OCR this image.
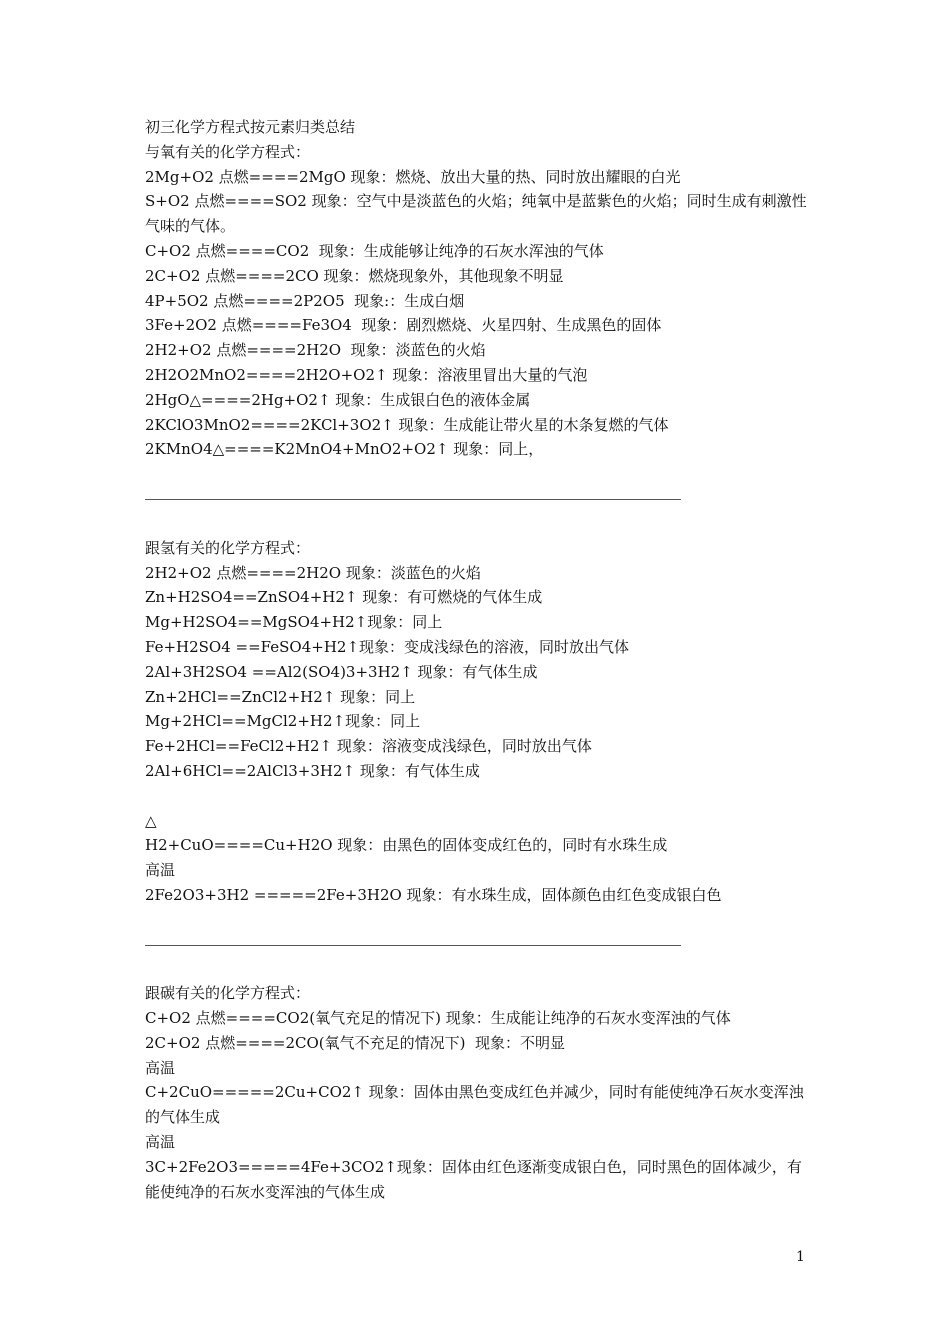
初三化学方程式按元素归类总结
与氧有关的化学方程式：
2Mg+O2 点燃====2MgO 现象：燃烧、放出大量的热、同时放出耀眼的白光
S+O2 点燃====SO2 现象：空气中是淡蓝色的火焰；纯氧中是蓝紫色的火焰；同时生成有刺激性气味的气体。
C+O2 点燃====CO2  现象：生成能够让纯净的石灰水浑浊的气体
2C+O2 点燃====2CO 现象：燃烧现象外，其他现象不明显
4P+5O2 点燃====2P2O5  现象:：生成白烟
3Fe+2O2 点燃====Fe3O4  现象：剧烈燃烧、火星四射、生成黑色的固体
2H2+O2 点燃====2H2O  现象：淡蓝色的火焰
2H2O2MnO2====2H2O+O2↑ 现象：溶液里冒出大量的气泡
2HgO△====2Hg+O2↑ 现象：生成银白色的液体金属
2KClO3MnO2====2KCl+3O2↑ 现象：生成能让带火星的木条复燃的气体
2KMnO4△====K2MnO4+MnO2+O2↑ 现象：同上，
跟氢有关的化学方程式：
2H2+O2 点燃====2H2O 现象：淡蓝色的火焰
Zn+H2SO4==ZnSO4+H2↑ 现象：有可燃烧的气体生成
Mg+H2SO4==MgSO4+H2↑现象：同上
Fe+H2SO4 ==FeSO4+H2↑现象：变成浅绿色的溶液，同时放出气体
2Al+3H2SO4 ==Al2(SO4)3+3H2↑ 现象：有气体生成
Zn+2HCl==ZnCl2+H2↑ 现象：同上
Mg+2HCl==MgCl2+H2↑现象：同上
Fe+2HCl==FeCl2+H2↑ 现象：溶液变成浅绿色，同时放出气体
2Al+6HCl==2AlCl3+3H2↑ 现象：有气体生成
△
H2+CuO====Cu+H2O 现象：由黑色的固体变成红色的，同时有水珠生成
高温
2Fe2O3+3H2 =====2Fe+3H2O 现象：有水珠生成，固体颜色由红色变成银白色
跟碳有关的化学方程式：
C+O2 点燃====CO2(氧气充足的情况下) 现象：生成能让纯净的石灰水变浑浊的气体
2C+O2 点燃====2CO(氧气不充足的情况下)  现象：不明显
高温
C+2CuO=====2Cu+CO2↑ 现象：固体由黑色变成红色并减少，同时有能使纯净石灰水变浑浊的气体生成
高温
3C+2Fe2O3=====4Fe+3CO2↑现象：固体由红色逐渐变成银白色，同时黑色的固体减少，有能使纯净的石灰水变浑浊的气体生成
1
